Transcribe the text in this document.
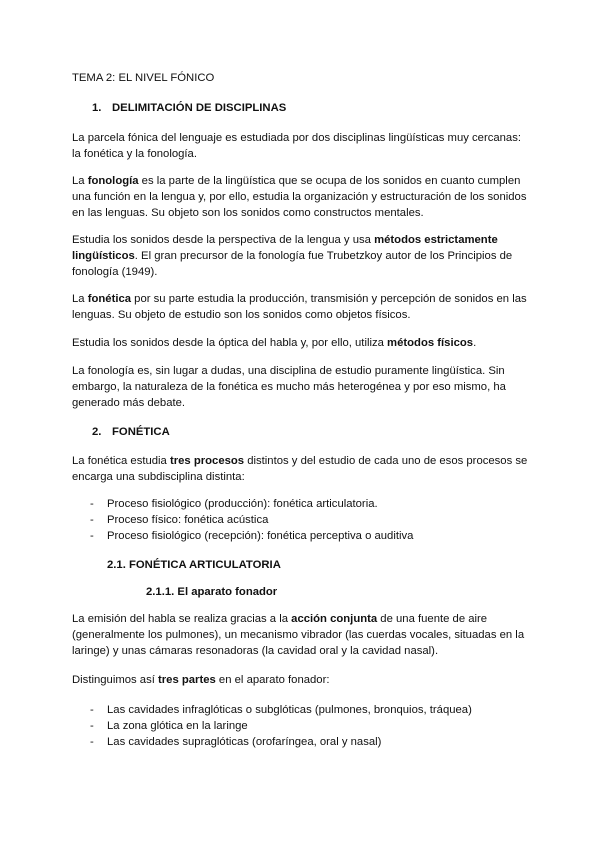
TEMA 2: EL NIVEL FÓNICO

1. DELIMITACIÓN DE DISCIPLINAS

La parcela fónica del lenguaje es estudiada por dos disciplinas lingüísticas muy cercanas: la fonética y la fonología.

La fonología es la parte de la lingüística que se ocupa de los sonidos en cuanto cumplen una función en la lengua y, por ello, estudia la organización y estructuración de los sonidos en las lenguas. Su objeto son los sonidos como constructos mentales.

Estudia los sonidos desde la perspectiva de la lengua y usa métodos estrictamente lingüísticos. El gran precursor de la fonología fue Trubetzkoy autor de los Principios de fonología (1949).

La fonética por su parte estudia la producción, transmisión y percepción de sonidos en las lenguas. Su objeto de estudio son los sonidos como objetos físicos.

Estudia los sonidos desde la óptica del habla y, por ello, utiliza métodos físicos.

La fonología es, sin lugar a dudas, una disciplina de estudio puramente lingüística. Sin embargo, la naturaleza de la fonética es mucho más heterogénea y por eso mismo, ha generado más debate.

2. FONÉTICA

La fonética estudia tres procesos distintos y del estudio de cada uno de esos procesos se encarga una subdisciplina distinta:

- Proceso fisiológico (producción): fonética articulatoria.
- Proceso físico: fonética acústica
- Proceso fisiológico (recepción): fonética perceptiva o auditiva

2.1. FONÉTICA ARTICULATORIA

2.1.1. El aparato fonador

La emisión del habla se realiza gracias a la acción conjunta de una fuente de aire (generalmente los pulmones), un mecanismo vibrador (las cuerdas vocales, situadas en la laringe) y unas cámaras resonadoras (la cavidad oral y la cavidad nasal).

Distinguimos así tres partes en el aparato fonador:

- Las cavidades infraglóticas o subglóticas (pulmones, bronquios, tráquea)
- La zona glótica en la laringe
- Las cavidades supraglóticas (orofaríngea, oral y nasal)
